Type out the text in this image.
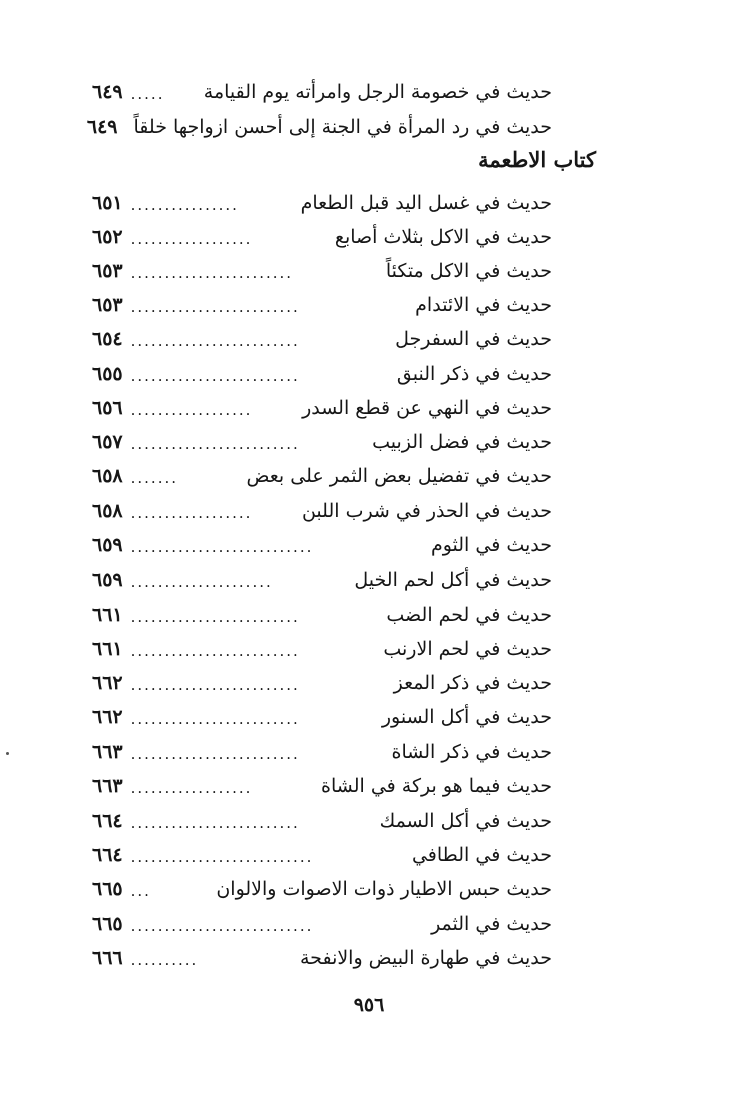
حديث في خصومة الرجل وامرأته يوم القيامة
.....
٦٤٩
حديث في رد المرأة في الجنة إلى أحسن ازواجها خلقاً
٦٤٩
كتاب الاطعمة
حديث في غسل اليد قبل الطعام
................
٦٥١
حديث في الاكل بثلاث أصابع
..................
٦٥٢
حديث في الاكل متكئاً
........................
٦٥٣
حديث في الائتدام
.........................
٦٥٣
حديث في السفرجل
.........................
٦٥٤
حديث في ذكر النبق
.........................
٦٥٥
حديث في النهي عن قطع السدر
..................
٦٥٦
حديث في فضل الزبيب
.........................
٦٥٧
حديث في تفضيل بعض الثمر على بعض
.......
٦٥٨
حديث في الحذر في شرب اللبن
..................
٦٥٨
حديث في الثوم
...........................
٦٥٩
حديث في أكل لحم الخيل
.....................
٦٥٩
حديث في لحم الضب
.........................
٦٦١
حديث في لحم الارنب
.........................
٦٦١
حديث في ذكر المعز
.........................
٦٦٢
حديث في أكل السنور
.........................
٦٦٢
حديث في ذكر الشاة
.........................
٦٦٣
حديث فيما هو بركة في الشاة
..................
٦٦٣
حديث في أكل السمك
.........................
٦٦٤
حديث في الطافي
...........................
٦٦٤
حديث حبس الاطيار ذوات الاصوات والالوان
...
٦٦٥
حديث في الثمر
...........................
٦٦٥
حديث في طهارة البيض والانفحة
..........
٦٦٦
٩٥٦
